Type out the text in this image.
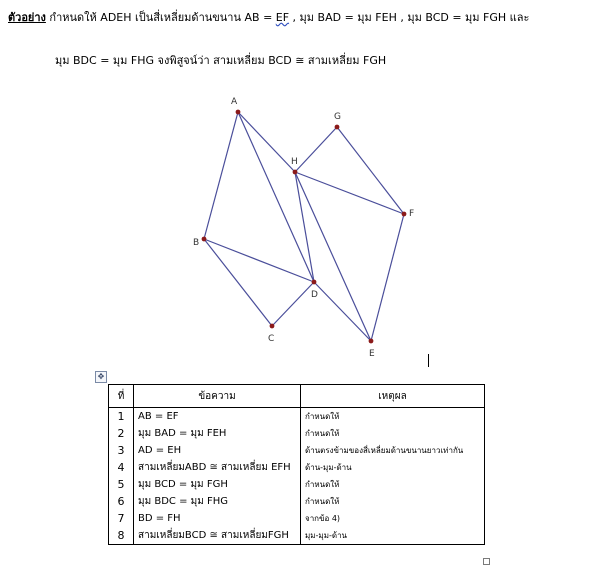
ตัวอย่าง กำหนดให้ ADEH เป็นสี่เหลี่ยมด้านขนาน AB = EF , มุม BAD = มุม FEH , มุม BCD = มุม FGH และ
มุม BDC = มุม FHG จงพิสูจน์ว่า สามเหลี่ยม BCD ≅ สามเหลี่ยม FGH
A
B
C
D
E
F
G
H
✥
ที่	ข้อความ	เหตุผล
1	AB = EF	กำหนดให้
2	มุม BAD = มุม FEH	กำหนดให้
3	AD = EH	ด้านตรงข้ามของสี่เหลี่ยมด้านขนานยาวเท่ากัน
4	สามเหลี่ยมABD ≅ สามเหลี่ยม EFH	ด้าน-มุม-ด้าน
5	มุม BCD = มุม FGH	กำหนดให้
6	มุม BDC = มุม FHG	กำหนดให้
7	BD = FH	จากข้อ 4)
8	สามเหลี่ยมBCD ≅ สามเหลี่ยมFGH	มุม-มุม-ด้าน
